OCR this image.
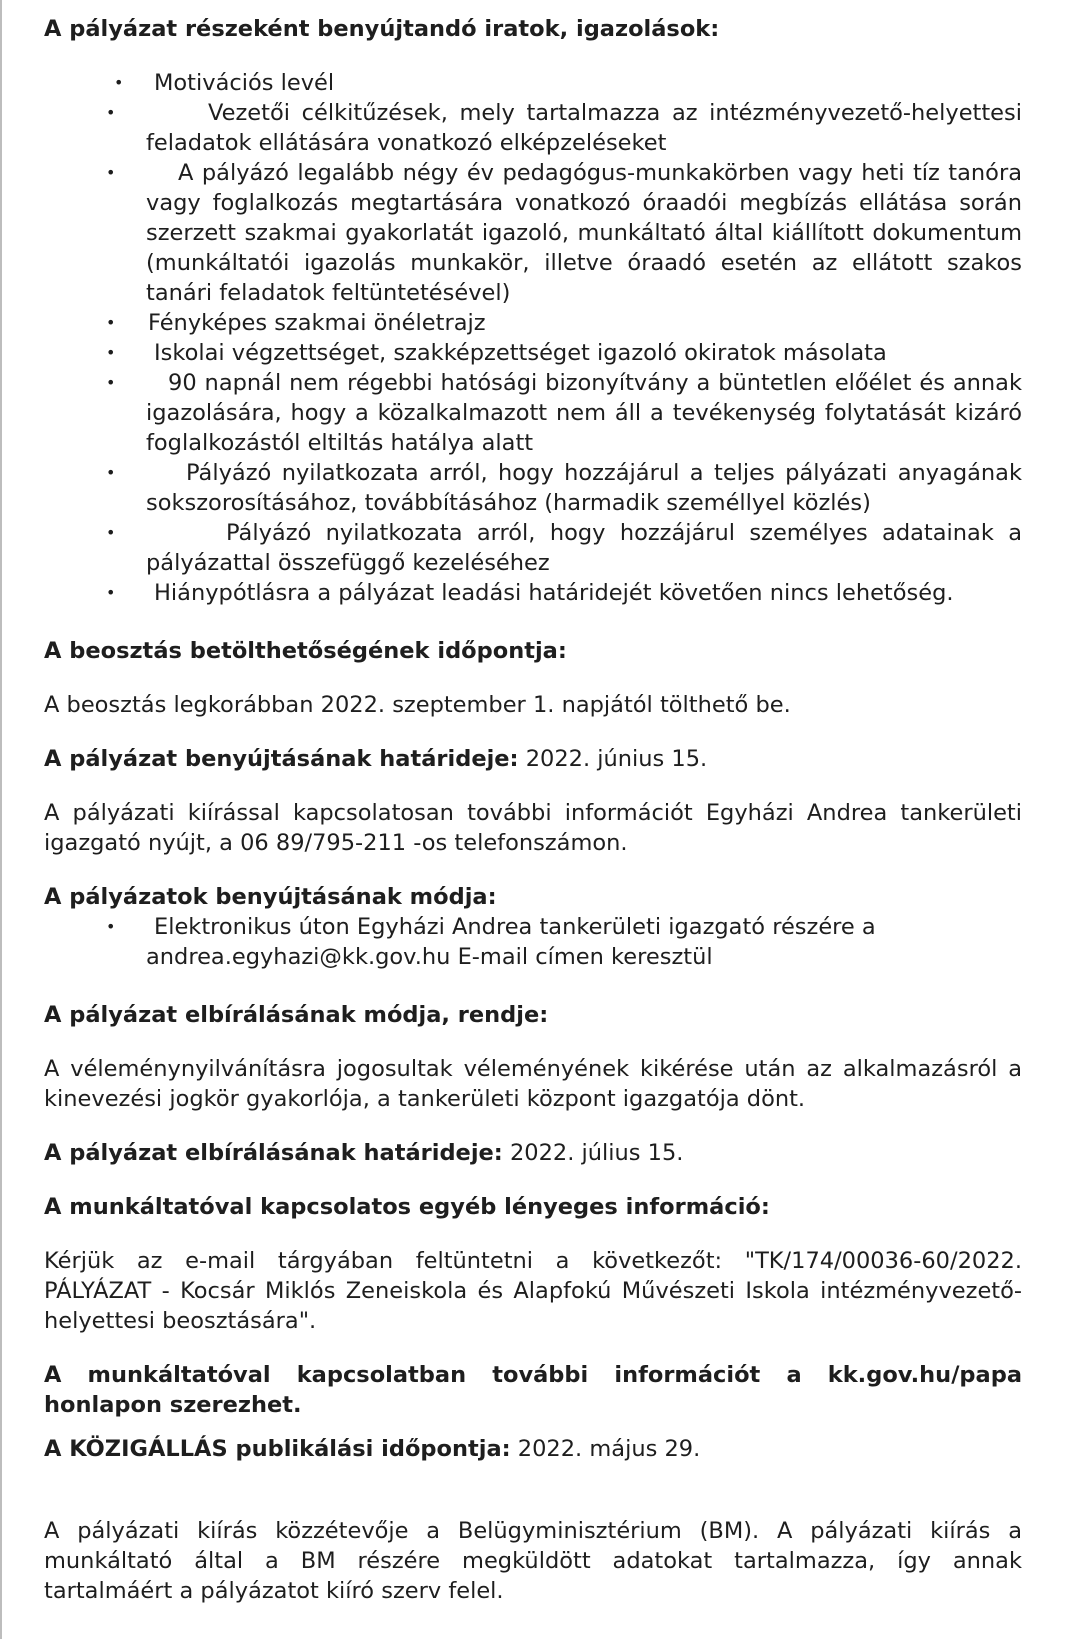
A pályázat részeként benyújtandó iratok, igazolások:
•	Motivációs levél
•	Vezetői célkitűzések, mely tartalmazza az intézményvezető-helyettesi feladatok ellátására vonatkozó elképzeléseket
•	A pályázó legalább négy év pedagógus-munkakörben vagy heti tíz tanóra vagy foglalkozás megtartására vonatkozó óraadói megbízás ellátása során szerzett szakmai gyakorlatát igazoló, munkáltató által kiállított dokumentum (munkáltatói igazolás munkakör, illetve óraadó esetén az ellátott szakos tanári feladatok feltüntetésével)
• Fényképes szakmai önéletrajz
•	Iskolai végzettséget, szakképzettséget igazoló okiratok másolata
•	90 napnál nem régebbi hatósági bizonyítvány a büntetlen előélet és annak igazolására, hogy a közalkalmazott nem áll a tevékenység folytatását kizáró foglalkozástól eltiltás hatálya alatt
•	Pályázó nyilatkozata arról, hogy hozzájárul a teljes pályázati anyagának sokszorosításához, továbbításához (harmadik személlyel közlés)
•	Pályázó nyilatkozata arról, hogy hozzájárul személyes adatainak a pályázattal összefüggő kezeléséhez
•	Hiánypótlásra a pályázat leadási határidejét követően nincs lehetőség.
A beosztás betölthetőségének időpontja:
A beosztás legkorábban 2022. szeptember 1. napjától tölthető be.
A pályázat benyújtásának határideje: 2022. június 15.
A pályázati kiírással kapcsolatosan további információt Egyházi Andrea tankerületi igazgató nyújt, a 06 89/795-211 -os telefonszámon.
A pályázatok benyújtásának módja:
•	Elektronikus úton Egyházi Andrea tankerületi igazgató részére a andrea.egyhazi@kk.gov.hu E-mail címen keresztül
A pályázat elbírálásának módja, rendje:
A véleménynyilvánításra jogosultak véleményének kikérése után az alkalmazásról a kinevezési jogkör gyakorlója, a tankerületi központ igazgatója dönt.
A pályázat elbírálásának határideje: 2022. július 15.
A munkáltatóval kapcsolatos egyéb lényeges információ:
Kérjük az e-mail tárgyában feltüntetni a következőt: "TK/174/00036-60/2022. PÁLYÁZAT - Kocsár Miklós Zeneiskola és Alapfokú Művészeti Iskola intézményvezető-helyettesi beosztására".
A munkáltatóval kapcsolatban további információt a kk.gov.hu/papa honlapon szerezhet.
A KÖZIGÁLLÁS publikálási időpontja: 2022. május 29.
A pályázati kiírás közzétevője a Belügyminisztérium (BM). A pályázati kiírás a munkáltató által a BM részére megküldött adatokat tartalmazza, így annak tartalmáért a pályázatot kiíró szerv felel.
